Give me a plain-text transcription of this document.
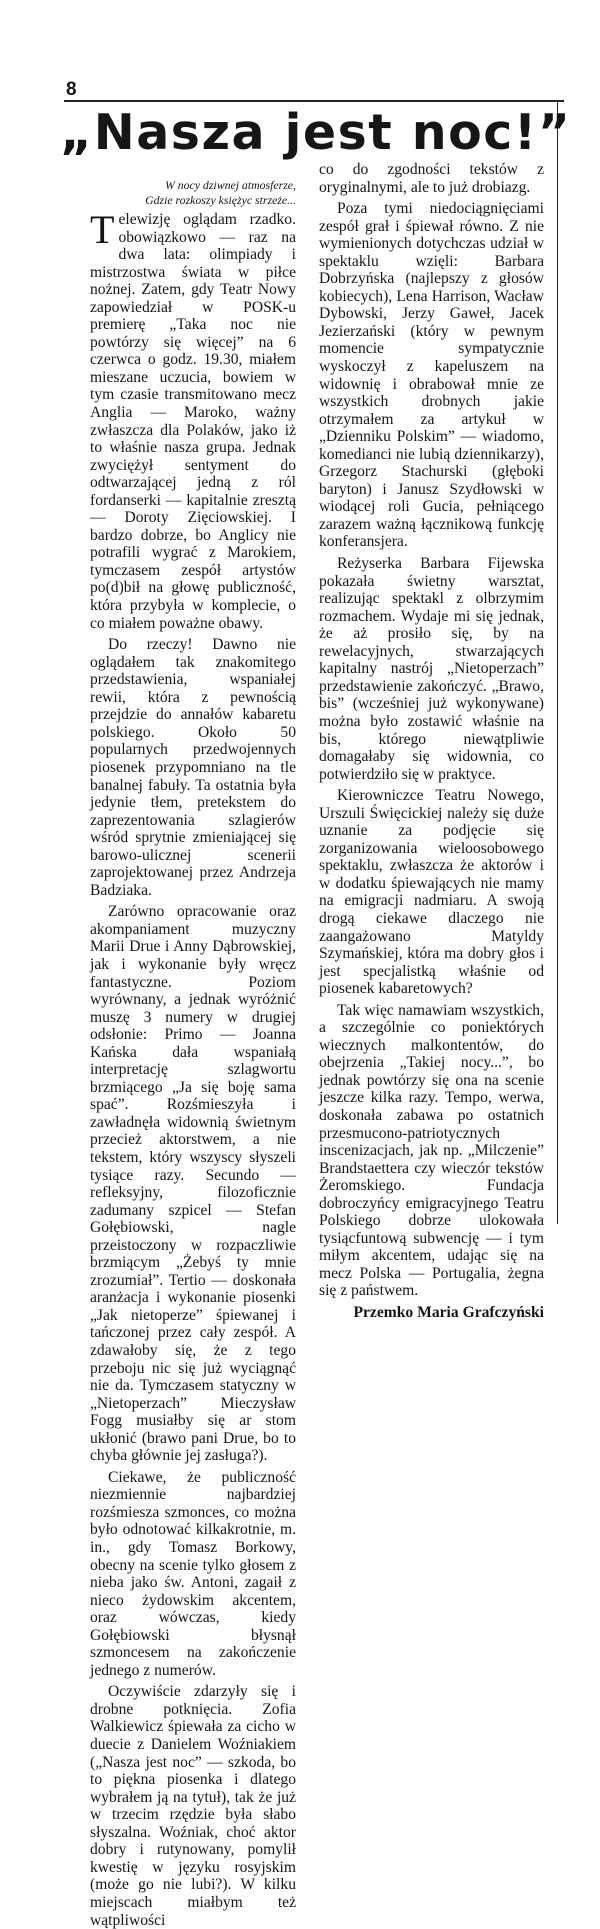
8
„Nasza jest noc!”
W nocy dziwnej atmosferze,
Gdzie rozkoszy księżyc strzeże...

Telewizję oglądam rzadko. obowiązkowo — raz na dwa lata: olimpiady i mistrzostwa świata w piłce nożnej. Zatem, gdy Teatr Nowy zapowiedział w POSK-u premierę „Taka noc nie powtórzy się więcej” na 6 czerwca o godz. 19.30, miałem mieszane uczucia, bowiem w tym czasie transmitowano mecz Anglia — Maroko, ważny zwłaszcza dla Polaków, jako iż to właśnie nasza grupa. Jednak zwyciężył sentyment do odtwarzającej jedną z ról fordanserki — kapitalnie zresztą — Doroty Zięciowskiej. I bardzo dobrze, bo Anglicy nie potrafili wygrać z Marokiem, tymczasem zespół artystów po(d)bił na głowę publiczność, która przybyła w komplecie, o co miałem poważne obawy.

Do rzeczy! Dawno nie oglądałem tak znakomitego przedstawienia, wspaniałej rewii, która z pewnością przejdzie do annałów kabaretu polskiego. Około 50 popularnych przedwojennych piosenek przypomniano na tle banalnej fabuły. Ta ostatnia była jedynie tłem, pretekstem do zaprezentowania szlagierów wśród sprytnie zmieniającej się barowo-ulicznej scenerii zaprojektowanej przez Andrzeja Badziaka.

Zarówno opracowanie oraz akompaniament muzyczny Marii Drue i Anny Dąbrowskiej, jak i wykonanie były wręcz fantastyczne. Poziom wyrównany, a jednak wyróżnić muszę 3 numery w drugiej odsłonie: Primo — Joanna Kańska dała wspaniałą interpretację szlagwortu brzmiącego „Ja się boję sama spać”. Rozśmieszyła i zawładnęła widownią świetnym przecież aktorstwem, a nie tekstem, który wszyscy słyszeli tysiące razy. Secundo — refleksyjny, filozoficznie zadumany szpicel — Stefan Gołębiowski, nagle przeistoczony w rozpaczliwie brzmiącym „Żebyś ty mnie zrozumiał”. Tertio — doskonała aranżacja i wykonanie piosenki „Jak nietoperze” śpiewanej i tańczonej przez cały zespół. A zdawałoby się, że z tego przeboju nic się już wyciągnąć nie da. Tymczasem statyczny w „Nietoperzach” Mieczysław Fogg musiałby się ar stom ukłonić (brawo pani Drue, bo to chyba głównie jej zasługa?).

Ciekawe, że publiczność niezmiennie najbardziej rozśmiesza szmonces, co można było odnotować kilkakrotnie, m. in., gdy Tomasz Borkowy, obecny na scenie tylko głosem z nieba jako św. Antoni, zagaił z nieco żydowskim akcentem, oraz wówczas, kiedy Gołębiowski błysnął szmoncesem na zakończenie jednego z numerów.

Oczywiście zdarzyły się i drobne potknięcia. Zofia Walkiewicz śpiewała za cicho w duecie z Danielem Woźniakiem („Nasza jest noc” — szkoda, bo to piękna piosenka i dlatego wybrałem ją na tytuł), tak że już w trzecim rzędzie była słabo słyszalna. Woźniak, choć aktor dobry i rutynowany, pomylił kwestię w języku rosyjskim (może go nie lubi?). W kilku miejscach miałbym też wątpliwości

co do zgodności tekstów z oryginalnymi, ale to już drobiazg.

Poza tymi niedociągnięciami zespół grał i śpiewał równo. Z nie wymienionych dotychczas udział w spektaklu wzięli: Barbara Dobrzyńska (najlepszy z głosów kobiecych), Lena Harrison, Wacław Dybowski, Jerzy Gaweł, Jacek Jezierzański (który w pewnym momencie sympatycznie wyskoczył z kapeluszem na widownię i obrabował mnie ze wszystkich drobnych jakie otrzymałem za artykuł w „Dzienniku Polskim” — wiadomo, komedianci nie lubią dziennikarzy), Grzegorz Stachurski (głęboki baryton) i Janusz Szydłowski w wiodącej roli Gucia, pełniącego zarazem ważną łącznikową funkcję konferansjera.

Reżyserka Barbara Fijewska pokazała świetny warsztat, realizując spektakl z olbrzymim rozmachem. Wydaje mi się jednak, że aż prosiło się, by na rewelacyjnych, stwarzających kapitalny nastrój „Nietoperzach” przedstawienie zakończyć. „Brawo, bis” (wcześniej już wykonywane) można było zostawić właśnie na bis, którego niewątpliwie domagałaby się widownia, co potwierdziło się w praktyce.

Kierowniczce Teatru Nowego, Urszuli Święcickiej należy się duże uznanie za podjęcie się zorganizowania wieloosobowego spektaklu, zwłaszcza że aktorów i w dodatku śpiewających nie mamy na emigracji nadmiaru. A swoją drogą ciekawe dlaczego nie zaangażowano Matyldy Szymańskiej, która ma dobry głos i jest specjalistką właśnie od piosenek kabaretowych?

Tak więc namawiam wszystkich, a szczególnie co poniektórych wiecznych malkontentów, do obejrzenia „Takiej nocy...”, bo jednak powtórzy się ona na scenie jeszcze kilka razy. Tempo, werwa, doskonała zabawa po ostatnich przesmucono-patriotycznych inscenizacjach, jak np. „Milczenie” Brandstaettera czy wieczór tekstów Żeromskiego. Fundacja dobroczyńcy emigracyjnego Teatru Polskiego dobrze ulokowała tysiącfuntową subwencję — i tym miłym akcentem, udając się na mecz Polska — Portugalia, żegna się z państwem.

Przemko Maria Grafczyński
